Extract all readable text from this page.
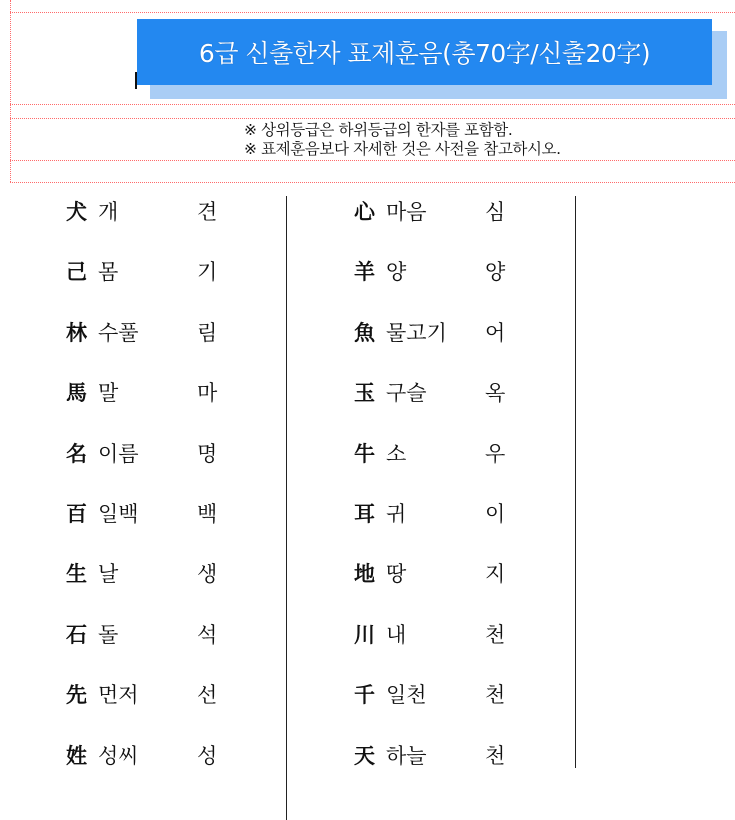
6급 신출한자 표제훈음(총70字/신출20字)
※ 상위등급은 하위등급의 한자를 포함함.
※ 표제훈음보다 자세한 것은 사전을 참고하시오.
犬 개	견
己 몸	기
林 수풀	림
馬 말	마
名 이름	명
百 일백	백
生 날	생
石 돌	석
先 먼저	선
姓 성씨	성
心 마음	심
羊 양	양
魚 물고기 어
玉 구슬	옥
牛 소	우
耳 귀	이
地 땅	지
川 내	천
千 일천	천
天 하늘	천
